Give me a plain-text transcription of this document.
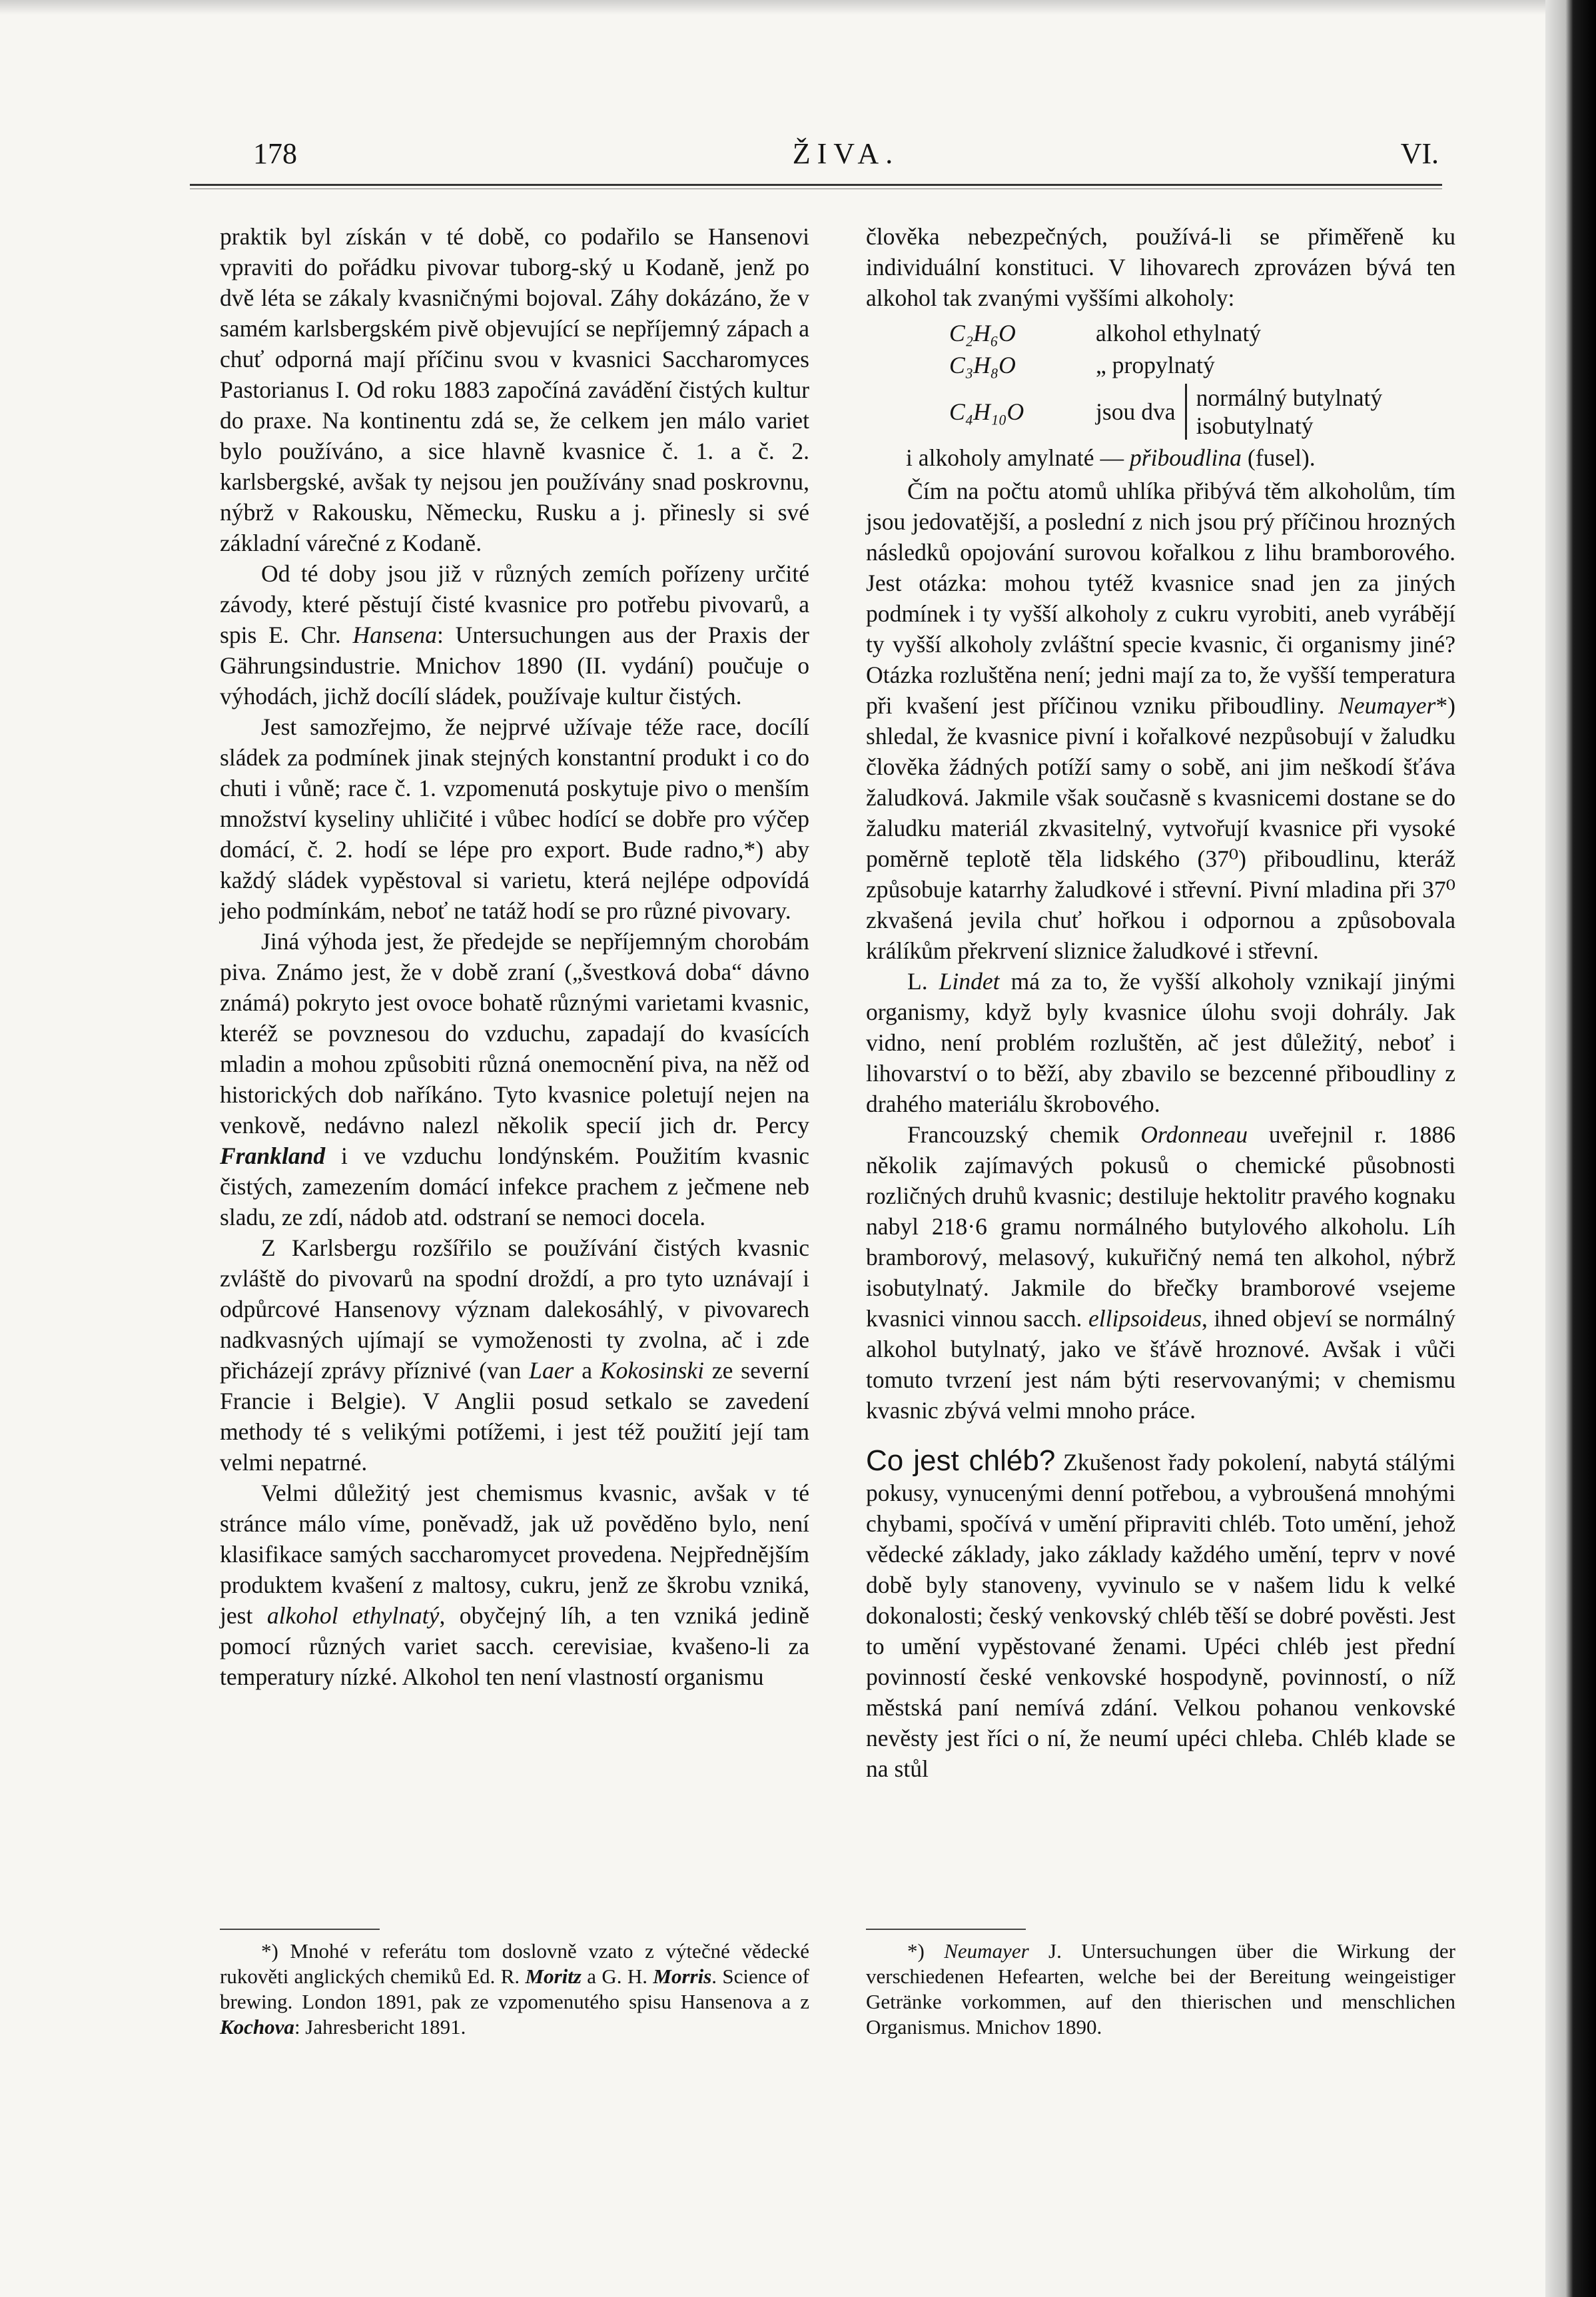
178	ŽIVA.	VI.

praktik byl získán v té době, co podařilo se Hansenovi vpraviti do pořádku pivovar tuborg-ský u Kodaně, jenž po dvě léta se zákaly kvasničnými bojoval. Záhy dokázáno, že v samém karlsbergském pivě objevující se nepříjemný zápach a chuť odporná mají příčinu svou v kvasnici Saccharomyces Pastorianus I. Od roku 1883 započíná zavádění čistých kultur do praxe. Na kontinentu zdá se, že celkem jen málo variet bylo používáno, a sice hlavně kvasnice č. 1. a č. 2. karlsbergské, avšak ty nejsou jen používány snad poskrovnu, nýbrž v Rakousku, Německu, Rusku a j. přinesly si své základní várečné z Kodaně.

Od té doby jsou již v různých zemích pořízeny určité závody, které pěstují čisté kvasnice pro potřebu pivovarů, a spis E. Chr. Hansena: Untersuchungen aus der Praxis der Gährungsindustrie. Mnichov 1890 (II. vydání) poučuje o výhodách, jichž docílí sládek, používaje kultur čistých.

Jest samozřejmo, že nejprvé užívaje téže race, docílí sládek za podmínek jinak stejných konstantní produkt i co do chuti i vůně; race č. 1. vzpomenutá poskytuje pivo o menším množství kyseliny uhličité i vůbec hodící se dobře pro výčep domácí, č. 2. hodí se lépe pro export. Bude radno,*) aby každý sládek vypěstoval si varietu, která nejlépe odpovídá jeho podmínkám, neboť ne tatáž hodí se pro různé pivovary.

Jiná výhoda jest, že předejde se nepříjemným chorobám piva. Známo jest, že v době zraní („švestková doba“ dávno známá) pokryto jest ovoce bohatě různými varietami kvasnic, kteréž se povznesou do vzduchu, zapadají do kvasících mladin a mohou způsobiti různá onemocnění piva, na něž od historických dob naříkáno. Tyto kvasnice poletují nejen na venkově, nedávno nalezl několik specií jich dr. Percy Frankland i ve vzduchu londýnském. Použitím kvasnic čistých, zamezením domácí infekce prachem z ječmene neb sladu, ze zdí, nádob atd. odstraní se nemoci docela.

Z Karlsbergu rozšířilo se používání čistých kvasnic zvláště do pivovarů na spodní droždí, a pro tyto uznávají i odpůrcové Hansenovy význam dalekosáhlý, v pivovarech nadkvasných ujímají se vymoženosti ty zvolna, ač i zde přicházejí zprávy příznivé (van Laer a Kokosinski ze severní Francie i Belgie). V Anglii posud setkalo se zavedení methody té s velikými potížemi, i jest též použití její tam velmi nepatrné.

Velmi důležitý jest chemismus kvasnic, avšak v té stránce málo víme, poněvadž, jak už pověděno bylo, není klasifikace samých saccharomycet provedena. Nejpřednějším produktem kvašení z maltosy, cukru, jenž ze škrobu vzniká, jest alkohol ethylnatý, obyčejný líh, a ten vzniká jedině pomocí různých variet sacch. cerevisiae, kvašeno-li za temperatury nízké. Alkohol ten není vlastností organismu

*) Mnohé v referátu tom doslovně vzato z výtečné vědecké rukověti anglických chemiků Ed. R. Moritz a G. H. Morris. Science of brewing. London 1891, pak ze vzpomenutého spisu Hansenova a z Kochova: Jahresbericht 1891.

člověka nebezpečných, používá-li se přiměřeně ku individuální konstituci. V lihovarech zprovázen bývá ten alkohol tak zvanými vyššími alkoholy:

C₂H₆O	alkohol ethylnatý
C₃H₈O	„ propylnatý
C₄H₁₀O	jsou dva
normálný butylnatý
isobutylnatý
i alkoholy amylnaté — přiboudlina (fusel).

Čím na počtu atomů uhlíka přibývá těm alkoholům, tím jsou jedovatější, a poslední z nich jsou prý příčinou hrozných následků opojování surovou kořalkou z lihu bramborového. Jest otázka: mohou tytéž kvasnice snad jen za jiných podmínek i ty vyšší alkoholy z cukru vyrobiti, aneb vyrábějí ty vyšší alkoholy zvláštní specie kvasnic, či organismy jiné? Otázka rozluštěna není; jedni mají za to, že vyšší temperatura při kvašení jest příčinou vzniku přiboudliny. Neumayer*) shledal, že kvasnice pivní i kořalkové nezpůsobují v žaludku člověka žádných potíží samy o sobě, ani jim neškodí šťáva žaludková. Jakmile však současně s kvasnicemi dostane se do žaludku materiál zkvasitelný, vytvořují kvasnice při vysoké poměrně teplotě těla lidského (37⁰) přiboudlinu, kteráž způsobuje katarrhy žaludkové i střevní. Pivní mladina při 37⁰ zkvašená jevila chuť hořkou i odpornou a způsobovala králíkům překrvení sliznice žaludkové i střevní.

L. Lindet má za to, že vyšší alkoholy vznikají jinými organismy, když byly kvasnice úlohu svoji dohrály. Jak vidno, není problém rozluštěn, ač jest důležitý, neboť i lihovarství o to běží, aby zbavilo se bezcenné přiboudliny z drahého materiálu škrobového.

Francouzský chemik Ordonneau uveřejnil r. 1886 několik zajímavých pokusů o chemické působnosti rozličných druhů kvasnic; destiluje hektolitr pravého kognaku nabyl 218·6 gramu normálného butylového alkoholu. Líh bramborový, melasový, kukuřičný nemá ten alkohol, nýbrž isobutylnatý. Jakmile do břečky bramborové vsejeme kvasnici vinnou sacch. ellipsoideus, ihned objeví se normálný alkohol butylnatý, jako ve šťávě hroznové. Avšak i vůči tomuto tvrzení jest nám býti reservovanými; v chemismu kvasnic zbývá velmi mnoho práce.

Co jest chléb? Zkušenost řady pokolení, nabytá stálými pokusy, vynucenými denní potřebou, a vybroušená mnohými chybami, spočívá v umění připraviti chléb. Toto umění, jehož vědecké základy, jako základy každého umění, teprv v nové době byly stanoveny, vyvinulo se v našem lidu k velké dokonalosti; český venkovský chléb těší se dobré pověsti. Jest to umění vypěstované ženami. Upéci chléb jest přední povinností české venkovské hospodyně, povinností, o níž městská paní nemívá zdání. Velkou pohanou venkovské nevěsty jest říci o ní, že neumí upéci chleba. Chléb klade se na stůl

*) Neumayer J. Untersuchungen über die Wirkung der verschiedenen Hefearten, welche bei der Bereitung weingeistiger Getränke vorkommen, auf den thierischen und menschlichen Organismus. Mnichov 1890.
